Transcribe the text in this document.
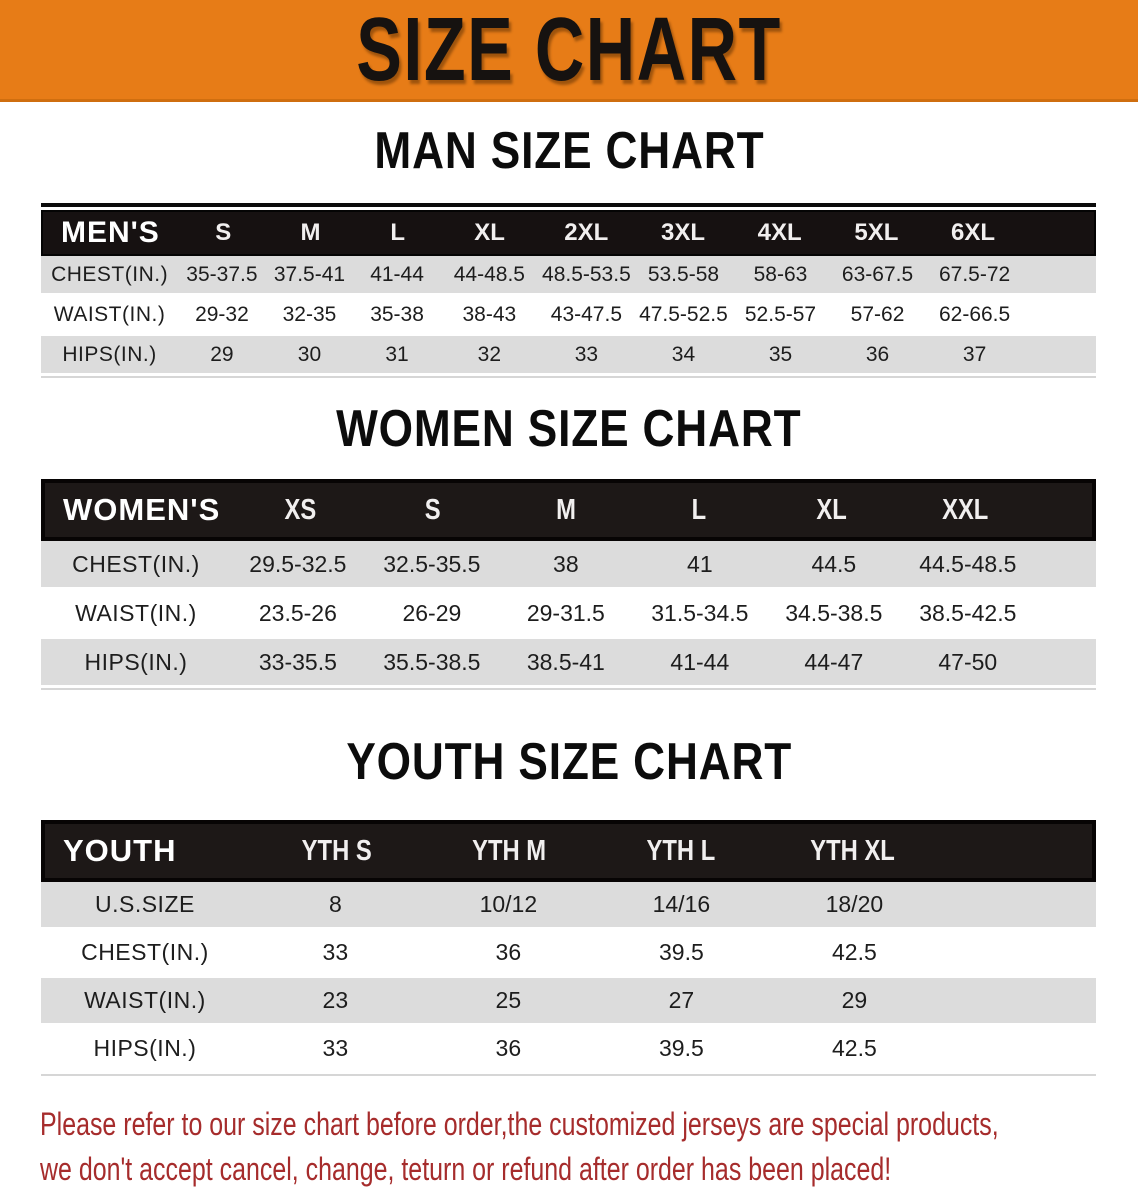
SIZE CHART
MAN SIZE CHART
MEN'S	S	M	L	XL	2XL	3XL	4XL	5XL	6XL
CHEST(IN.) 35-37.5 37.5-41	41-44	44-48.5 48.5-53.5 53.5-58	58-63	63-67.5	67.5-72
WAIST(IN.)	29-32	32-35	35-38	38-43	43-47.5 47.5-52.5 52.5-57	57-62	62-66.5
HIPS(IN.)	29	30	31	32	33	34	35	36	37
WOMEN SIZE CHART
WOMEN'S	XS	S	M	L	XL	XXL
CHEST(IN.)	29.5-32.5	32.5-35.5	38	41	44.5	44.5-48.5
WAIST(IN.)	23.5-26	26-29	29-31.5	31.5-34.5	34.5-38.5	38.5-42.5
HIPS(IN.)	33-35.5	35.5-38.5	38.5-41	41-44	44-47	47-50
YOUTH SIZE CHART
YOUTH	YTH S	YTH M	YTH L	YTH XL
U.S.SIZE	8	10/12	14/16	18/20
CHEST(IN.)	33	36	39.5	42.5
WAIST(IN.)	23	25	27	29
HIPS(IN.)	33	36	39.5	42.5
Please refer to our size chart before order,the customized jerseys are special products,
we don't accept cancel, change, teturn or refund after order has been placed!
